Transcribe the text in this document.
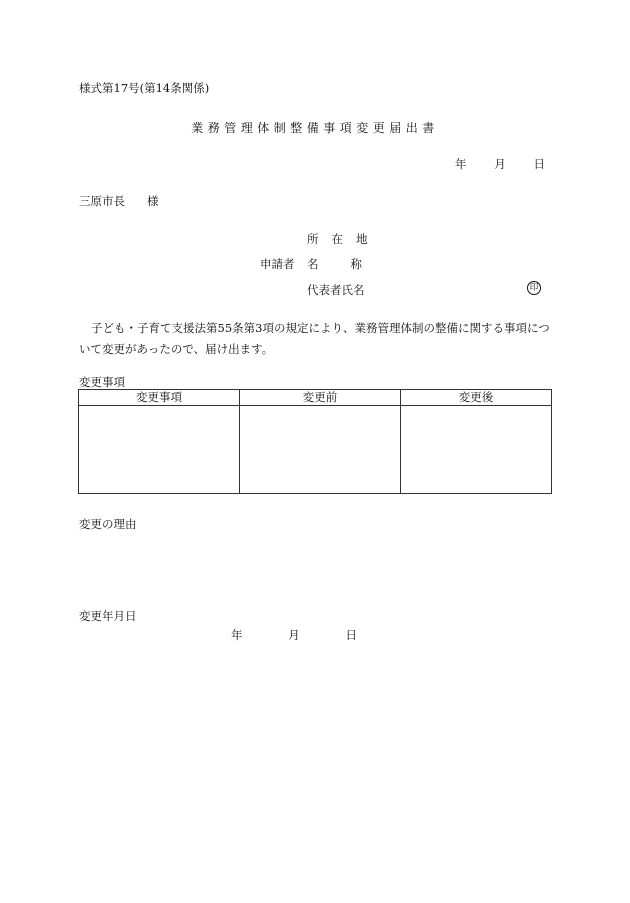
様式第17号(第14条関係)
業務管理体制整備事項変更届出書
年 月 日
三原市長 様
所在地
申請者 名称
代表者氏名	印
子ども・子育て支援法第55条第3項の規定により、業務管理体制の整備に関する事項について変更があったので、届け出ます。
変更事項
変更事項	変更前	変更後

変更の理由
変更年月日
年	月	日
